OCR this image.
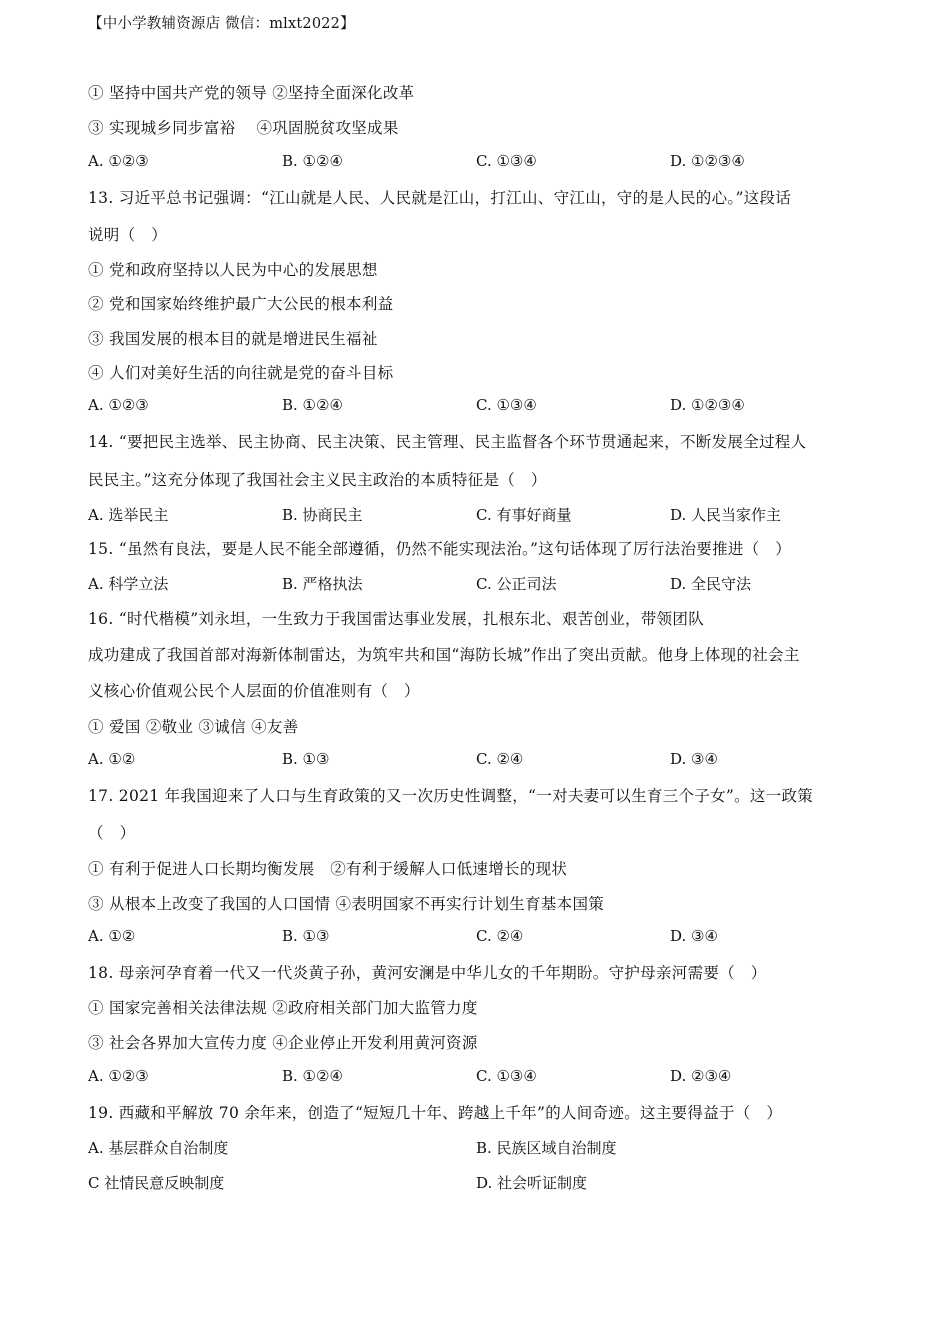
【中小学教辅资源店 微信：mlxt2022】
① 坚持中国共产党的领导 ②坚持全面深化改革
③ 实现城乡同步富裕　 ④巩固脱贫攻坚成果
A. ①②③	B. ①②④	C. ①③④	D. ①②③④
13. 习近平总书记强调：“江山就是人民、人民就是江山，打江山、守江山，守的是人民的心。”这段话
说明（　）
① 党和政府坚持以人民为中心的发展思想
② 党和国家始终维护最广大公民的根本利益
③ 我国发展的根本目的就是增进民生福祉
④ 人们对美好生活的向往就是党的奋斗目标
A. ①②③	B. ①②④	C. ①③④	D. ①②③④
14. “要把民主选举、民主协商、民主决策、民主管理、民主监督各个环节贯通起来，不断发展全过程人
民民主。”这充分体现了我国社会主义民主政治的本质特征是（　）
A. 选举民主	B. 协商民主	C. 有事好商量	D. 人民当家作主
15. “虽然有良法，要是人民不能全部遵循，仍然不能实现法治。”这句话体现了厉行法治要推进（　）
A. 科学立法	B. 严格执法	C. 公正司法	D. 全民守法
16. “时代楷模”刘永坦，一生致力于我国雷达事业发展，扎根东北、艰苦创业，带领团队
成功建成了我国首部对海新体制雷达，为筑牢共和国“海防长城”作出了突出贡献。他身上体现的社会主
义核心价值观公民个人层面的价值准则有（　）
① 爱国 ②敬业 ③诚信 ④友善
A. ①②	B. ①③	C. ②④	D. ③④
17. 2021 年我国迎来了人口与生育政策的又一次历史性调整，“一对夫妻可以生育三个子女”。这一政策
（　）
① 有利于促进人口长期均衡发展　②有利于缓解人口低速增长的现状
③ 从根本上改变了我国的人口国情 ④表明国家不再实行计划生育基本国策
A. ①②	B. ①③	C. ②④	D. ③④
18. 母亲河孕育着一代又一代炎黄子孙，黄河安澜是中华儿女的千年期盼。守护母亲河需要（　）
① 国家完善相关法律法规 ②政府相关部门加大监管力度
③ 社会各界加大宣传力度 ④企业停止开发利用黄河资源
A. ①②③	B. ①②④	C. ①③④	D. ②③④
19. 西藏和平解放 70 余年来，创造了“短短几十年、跨越上千年”的人间奇迹。这主要得益于（　）
A. 基层群众自治制度	B. 民族区域自治制度
C 社情民意反映制度	D. 社会听证制度
